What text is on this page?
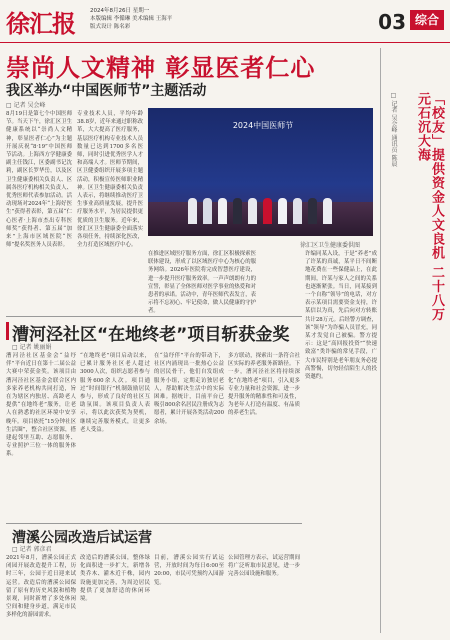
徐汇报	2024年8月26日 星期一
本版编辑 李循琳 美术编辑 王海平
版式设计 陈名彩	03 综合
崇尚人文精神 彰显医者仁心
我区举办“中国医师节”主题活动
□ 记者 吴会峰
8月19日是第七个中国医师节。当天下午，徐汇区卫生健康系统以“崇尚人文精神，彰显医者仁心”为主题开展庆祝“8·19”中国医师节活动。上海西方学健康委副主任钱江，区委副书记沈莉，副区长罗华岳，以及区卫生健康委相关负责人、区属各医疗机构相关负责人、优秀医师代表参加活动。活动现场对2024年“上海好医生”获得者表彰，第五届“仁心医者·上海市杰出专科医师奖”获得者、第五届“加来”上海市区域医院“医师”提名奖医务人员表彰。
专业技术人员，平均年龄38.8岁，近年来通过职称改革，大大提高了医疗服务，基层医疗机构专业技术人员数量已达到1700多名医师，同时引进优秀医学人才和高端人才。医师节期间，区卫健委组织开展多项主题活动，积极宣传医师职业精神。区卫生健康委相关负责人表示，将继续推动医疗卫生事业高质量发展，提升医疗服务水平，为居民提供更优质的卫生服务。近年来，徐汇区卫生健康委全面落实各项任务，持续深化医改，全力打造区域医疗中心。
2024中国医师节
在推进区域医疗服务方面，徐汇区积极探索医联体建设，形成了以区域医疗中心为核心的服务网络。2026年医院将完成智慧医疗建设，进一步提升医疗服务效率。一声声朗朗有力的宣誓，彰显了全体医师对医学事业的热爱和对患者的承诺。活动中，青年医师代表发言，表示将不忘初心、牢记使命，做人民健康的守护者。
徐汇区卫生健康委供图	「校友」提供资金人文良机 二十八万元石沉大海
□ 记者 吴会峰 通讯员 陈晨
许编同某入设，于是“养老”成了许某的真诚，某平日不间断地花费在一些保健品上，在此期间，许某与家人之间的关系也逐渐紧张。当日，同某接到一个自称“领导”的电话，对方表示某项目需要资金支持，许某信以为真，先后向对方转账共计28万元。后经警方调查，该“领导”为诈骗人员冒充，同某才发觉自己被骗。警方提示：这是“高回报投资”“快速致富”类诈骗的常见手段，广大市民特别是老年朋友务必提高警惕，切勿轻信陌生人的投资邀约。
漕河泾社区“在地终老”项目斩获金奖
□ 记者 姚丽娟
漕河泾社区基金会“益纾伴”平台近日在第十二届公益大赛中荣获金奖。该项目由漕河泾社区基金会联合区内多家养老机构共同打造，旨在为辖区内独居、高龄老人提供“在地终老”服务，让老人在熟悉的社区环境中安享晚年。项目依托“15分钟社区生活圈”，整合社区资源，搭建起邻里互助、志愿服务、专业照护三位一体的服务体系。
“在地终老”项目启动以来，已累计服务社区老人超过3000人次，组织志愿者参与服务600余人次。项目通过“时间银行”机制鼓励居民参与，形成了良好的社区互助氛围。该项目负责人表示，将以此次获奖为契机，继续完善服务模式，让更多老人受益。
在“益纾伴”平台的带动下，社区内涌现出一批热心公益的居民骨干，他们自发组成服务小组，定期走访独居老人，帮助解决生活中的实际困难。据统计，目前平台已吸引800余名居民注册成为志愿者，累计开展各类活动200余场。
多方联动，探索出一条符合社区实际的养老服务新路径。下一步，漕河泾社区将持续深化“在地终老”项目，引入更多专业力量和社会资源，进一步提升服务的精准性和可及性，为老年人打造有温度、有品质的养老生活。
漕溪公园改造后试运营
□ 记者 郭彦君
2021年8月，漕溪公园正式闭园开展改造提升工程，历时三年，公园于近日迎来试运营。改造后的漕溪公园保留了原有的历史风貌和植物景观，同时新增了多处休闲空间和健身步道，满足市民多样化的游园需求。
改造后的漕溪公园，整体绿化面积进一步扩大，新增各类乔木、灌木近千株，园内设施更加完善，为周边居民提供了更加舒适的休闲环境。
目前，漕溪公园实行试运营，开放时间为每日6:00至20:00，市民可凭预约入园游览。
公园管理方表示，试运营期间将广泛听取市民意见，进一步完善公园设施和服务。
